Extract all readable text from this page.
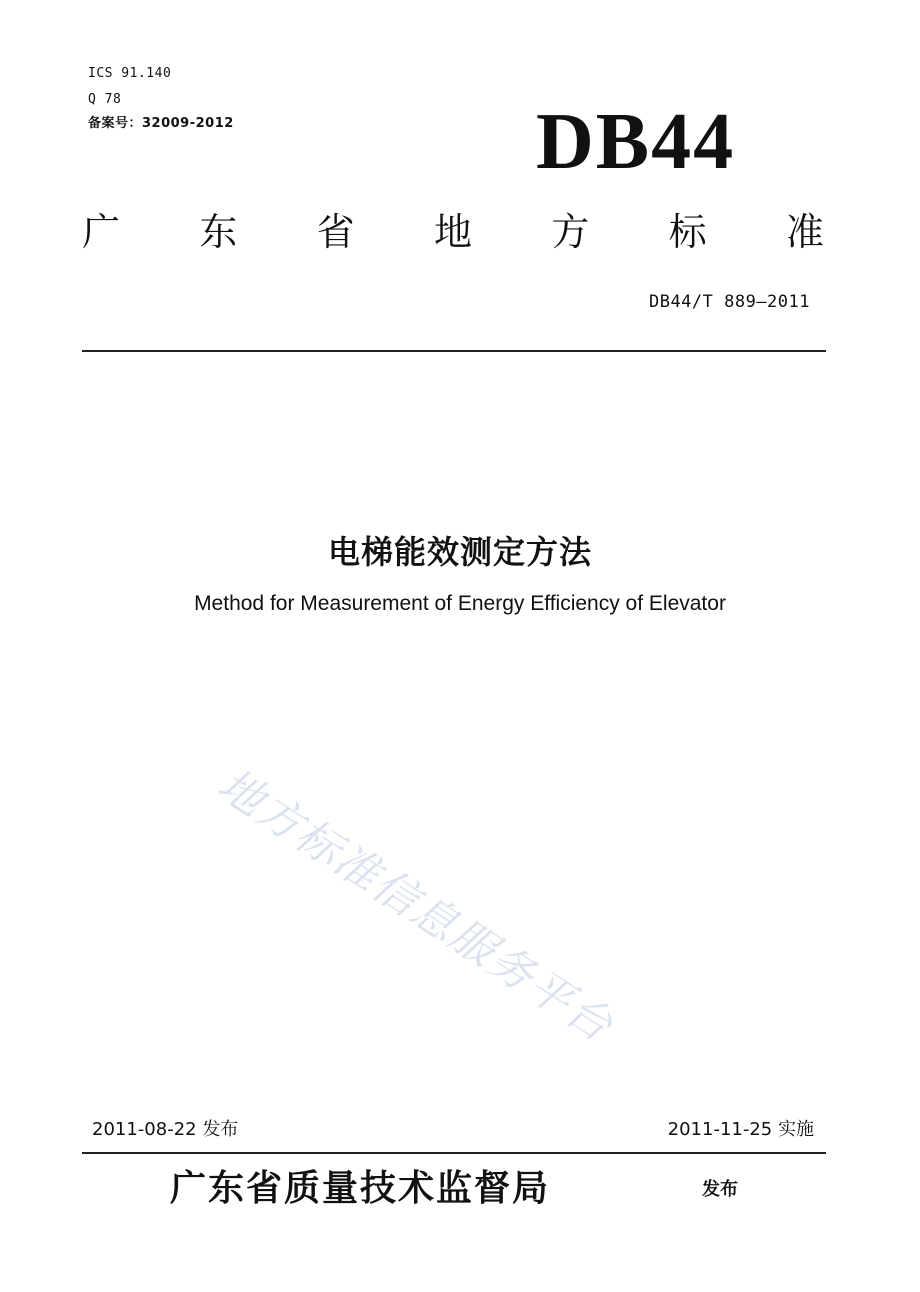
ICS 91.140
Q 78
备案号：32009-2012	DB44
广 东 省 地 方 标 准
DB44/T 889—2011
电梯能效测定方法
Method for Measurement of Energy Efficiency of Elevator
地方标准信息服务平台
2011-08-22 发布	2011-11-25 实施
广东省质量技术监督局	发布
